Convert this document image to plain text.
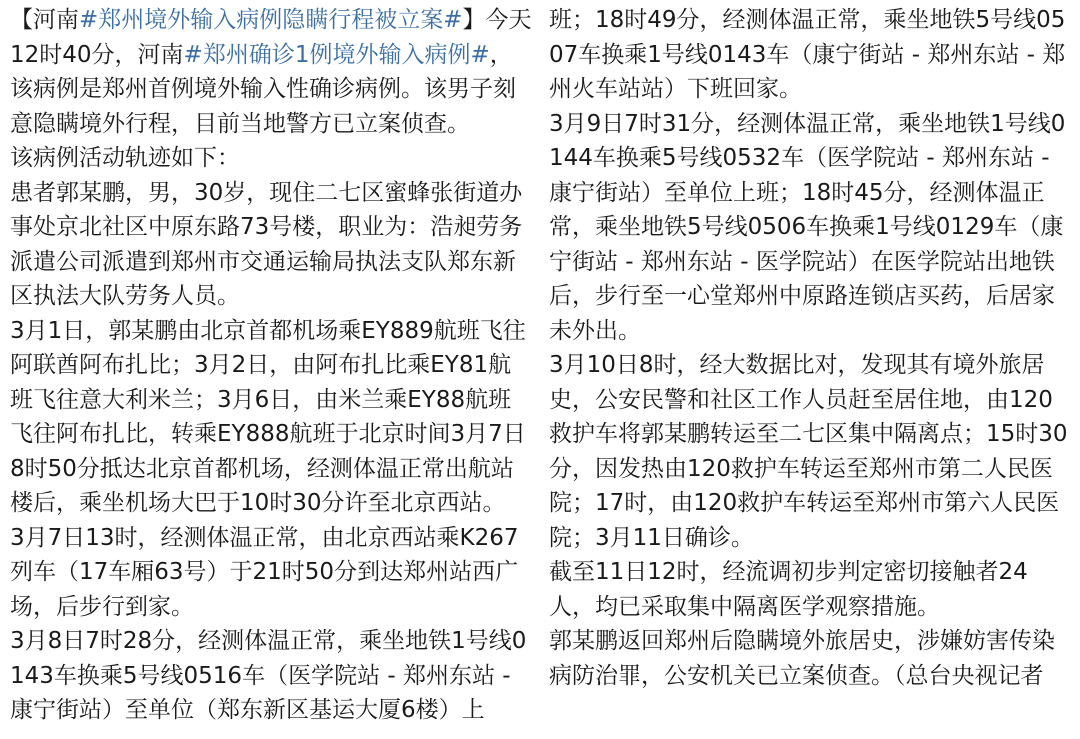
【河南#郑州境外输入病例隐瞒行程被立案#】今天12时40分，河南#郑州确诊1例境外输入病例#，该病例是郑州首例境外输入性确诊病例。该男子刻意隐瞒境外行程，目前当地警方已立案侦查。

该病例活动轨迹如下：

患者郭某鹏，男，30岁，现住二七区蜜蜂张街道办事处京北社区中原东路73号楼，职业为：浩昶劳务派遣公司派遣到郑州市交通运输局执法支队郑东新区执法大队劳务人员。

3月1日，郭某鹏由北京首都机场乘EY889航班飞往阿联酋阿布扎比；3月2日，由阿布扎比乘EY81航班飞往意大利米兰；3月6日，由米兰乘EY88航班飞往阿布扎比，转乘EY888航班于北京时间3月7日8时50分抵达北京首都机场，经测体温正常出航站楼后，乘坐机场大巴于10时30分许至北京西站。

3月7日13时，经测体温正常，由北京西站乘K267列车（17车厢63号）于21时50分到达郑州站西广场，后步行到家。

3月8日7时28分，经测体温正常，乘坐地铁1号线0143车换乘5号线0516车（医学院站 - 郑州东站 - 康宁街站）至单位（郑东新区基运大厦6楼）上

班；18时49分，经测体温正常，乘坐地铁5号线0507车换乘1号线0143车（康宁街站 - 郑州东站 - 郑州火车站站）下班回家。

3月9日7时31分，经测体温正常，乘坐地铁1号线0144车换乘5号线0532车（医学院站 - 郑州东站 - 康宁街站）至单位上班；18时45分，经测体温正常，乘坐地铁5号线0506车换乘1号线0129车（康宁街站 - 郑州东站 - 医学院站）在医学院站出地铁后，步行至一心堂郑州中原路连锁店买药，后居家未外出。

3月10日8时，经大数据比对，发现其有境外旅居史，公安民警和社区工作人员赶至居住地，由120救护车将郭某鹏转运至二七区集中隔离点；15时30分，因发热由120救护车转运至郑州市第二人民医院；17时，由120救护车转运至郑州市第六人民医院；3月11日确诊。

截至11日12时，经流调初步判定密切接触者24人，均已采取集中隔离医学观察措施。

郭某鹏返回郑州后隐瞒境外旅居史，涉嫌妨害传染病防治罪，公安机关已立案侦查。（总台央视记者
